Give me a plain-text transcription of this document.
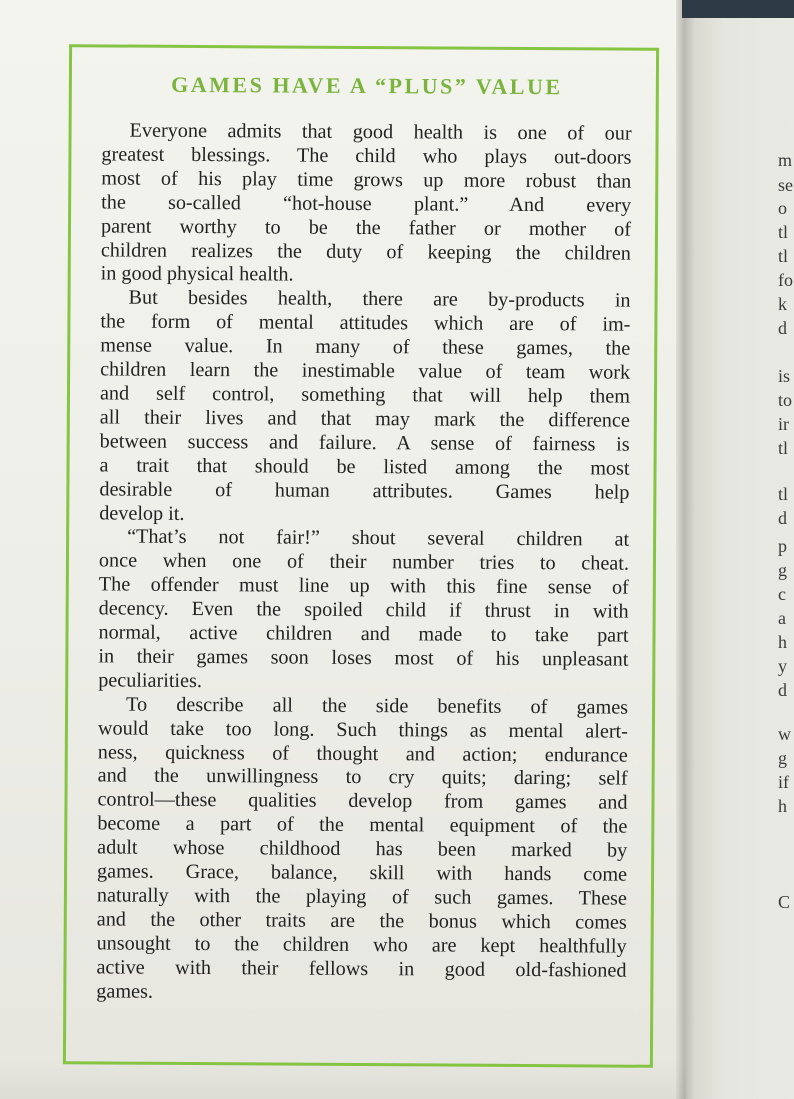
GAMES HAVE A “PLUS” VALUE
Everyone admits that good health is one of our
greatest blessings. The child who plays out-doors
most of his play time grows up more robust than
the so-called “hot-house plant.” And every
parent worthy to be the father or mother of
children realizes the duty of keeping the children
in good physical health.
But besides health, there are by-products in
the form of mental attitudes which are of im-
mense value. In many of these games, the
children learn the inestimable value of team work
and self control, something that will help them
all their lives and that may mark the difference
between success and failure. A sense of fairness is
a trait that should be listed among the most
desirable of human attributes. Games help
develop it.
“That’s not fair!” shout several children at
once when one of their number tries to cheat.
The offender must line up with this fine sense of
decency. Even the spoiled child if thrust in with
normal, active children and made to take part
in their games soon loses most of his unpleasant
peculiarities.
To describe all the side benefits of games
would take too long. Such things as mental alert-
ness, quickness of thought and action; endurance
and the unwillingness to cry quits; daring; self
control—these qualities develop from games and
become a part of the mental equipment of the
adult whose childhood has been marked by
games. Grace, balance, skill with hands come
naturally with the playing of such games. These
and the other traits are the bonus which comes
unsought to the children who are kept healthfully
active with their fellows in good old-fashioned
games.
m
se
o
tl
tl
fo
k
d
is
to
ir
tl
tl
d
p
g
c
a
h
y
d
w
g
if
h
C
